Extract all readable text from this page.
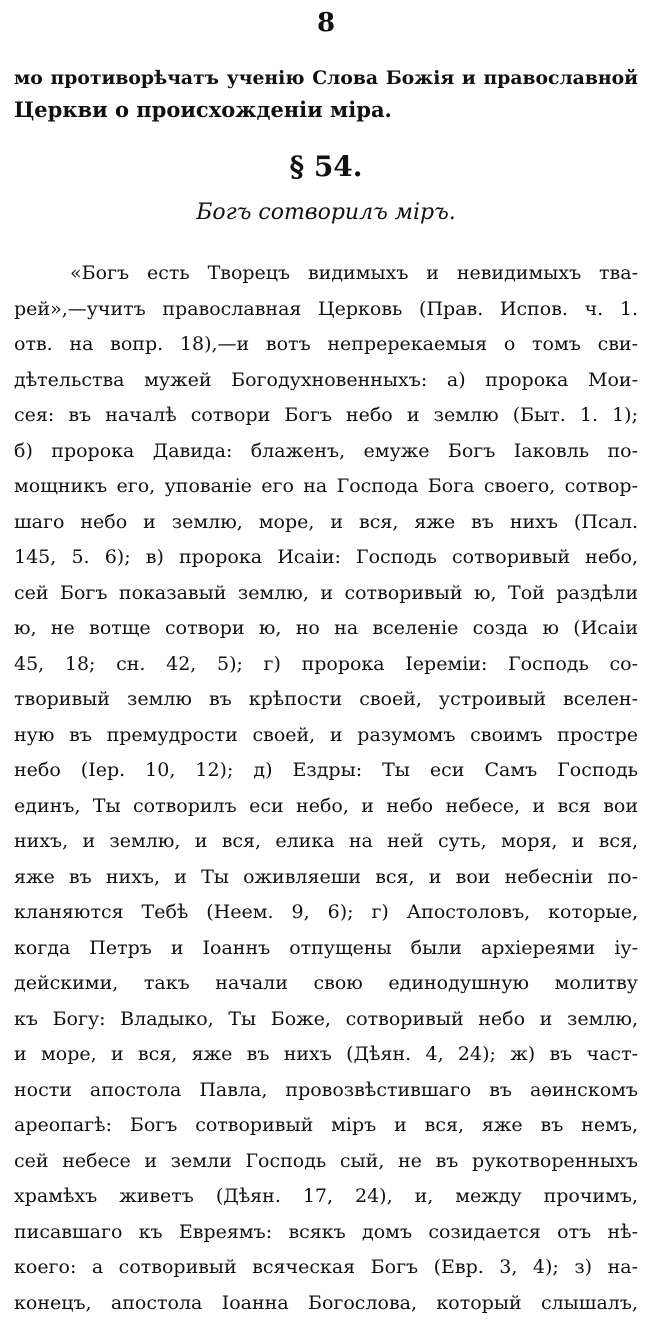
8
мо противорѣчатъ ученію Слова Божія и православной
Церкви о происхожденіи міра.
§ 54.
Богъ сотворилъ міръ.
«Богъ есть Творецъ видимыхъ и невидимыхъ тва-
рей»,—учитъ православная Церковь (Прав. Испов. ч. 1.
отв. на вопр. 18),—и вотъ непререкаемыя о томъ сви-
дѣтельства мужей Богодухновенныхъ: а) пророка Мои-
сея: въ началѣ сотвори Богъ небо и землю (Быт. 1. 1);
б) пророка Давида: блаженъ, емуже Богъ Іаковль по-
мощникъ его, упованіе его на Господа Бога своего, сотвор-
шаго небо и землю, море, и вся, яже въ нихъ (Псал.
145, 5. 6); в) пророка Исаіи: Господь сотворивый небо,
сей Богъ показавый землю, и сотворивый ю, Той раздѣли
ю, не вотще сотвори ю, но на вселеніе созда ю (Исаіи
45, 18; сн. 42, 5); г) пророка Іереміи: Господь со-
творивый землю въ крѣпости своей, устроивый вселен-
ную въ премудрости своей, и разумомъ своимъ простре
небо (Іер. 10, 12); д) Ездры: Ты еси Самъ Господь
единъ, Ты сотворилъ еси небо, и небо небесе, и вся вои
нихъ, и землю, и вся, елика на ней суть, моря, и вся,
яже въ нихъ, и Ты оживляеши вся, и вои небесніи по-
кланяются Тебѣ (Неем. 9, 6); г) Апостоловъ, которые,
когда Петръ и Іоаннъ отпущены были архіереями іу-
дейскими, такъ начали свою единодушную молитву
къ Богу: Владыко, Ты Боже, сотворивый небо и землю,
и море, и вся, яже въ нихъ (Дѣян. 4, 24); ж) въ част-
ности апостола Павла, провозвѣстившаго въ аѳинскомъ
ареопагѣ: Богъ сотворивый міръ и вся, яже въ немъ,
сей небесе и земли Господь сый, не въ рукотворенныхъ
храмѣхъ живетъ (Дѣян. 17, 24), и, между прочимъ,
писавшаго къ Евреямъ: всякъ домъ созидается отъ нѣ-
коего: а сотворивый всяческая Богъ (Евр. 3, 4); з) на-
конецъ, апостола Іоанна Богослова, который слышалъ,
